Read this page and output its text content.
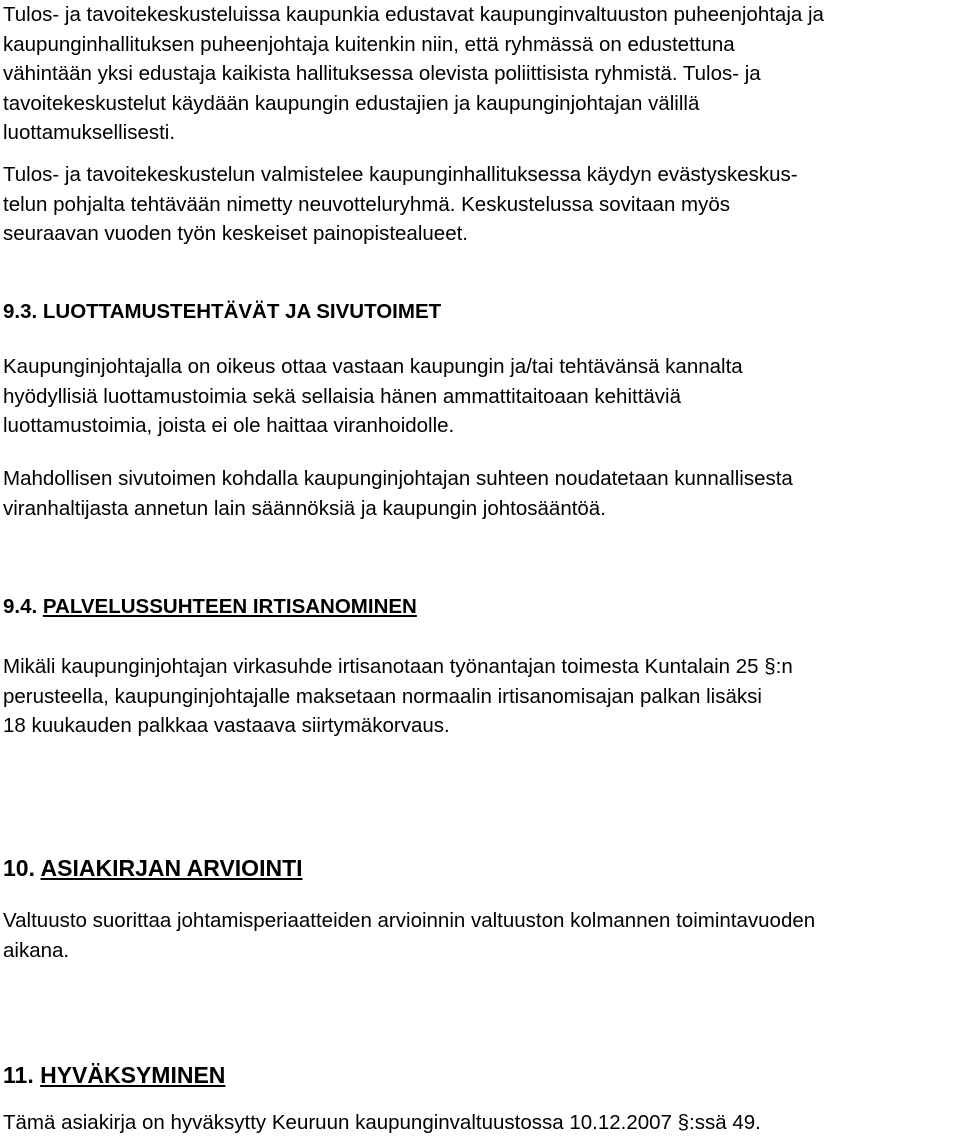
Tulos- ja tavoitekeskusteluissa kaupunkia edustavat kaupunginvaltuuston puheenjohtaja ja
kaupunginhallituksen puheenjohtaja kuitenkin niin, että ryhmässä on edustettuna
vähintään yksi edustaja kaikista hallituksessa olevista poliittisista ryhmistä. Tulos- ja
tavoitekeskustelut käydään kaupungin edustajien ja kaupunginjohtajan välillä
luottamuksellisesti.

Tulos- ja tavoitekeskustelun valmistelee kaupunginhallituksessa käydyn evästyskeskus-
telun pohjalta tehtävään nimetty neuvotteluryhmä. Keskustelussa sovitaan myös
seuraavan vuoden työn keskeiset painopistealueet.

9.3. LUOTTAMUSTEHTÄVÄT JA SIVUTOIMET

Kaupunginjohtajalla on oikeus ottaa vastaan kaupungin ja/tai tehtävänsä kannalta
hyödyllisiä luottamustoimia sekä sellaisia hänen ammattitaitoaan kehittäviä
luottamustoimia, joista ei ole haittaa viranhoidolle.

Mahdollisen sivutoimen kohdalla kaupunginjohtajan suhteen noudatetaan kunnallisesta
viranhaltijasta annetun lain säännöksiä ja kaupungin johtosääntöä.

9.4. PALVELUSSUHTEEN IRTISANOMINEN

Mikäli kaupunginjohtajan virkasuhde irtisanotaan työnantajan toimesta Kuntalain 25 §:n
perusteella, kaupunginjohtajalle maksetaan normaalin irtisanomisajan palkan lisäksi
18 kuukauden palkkaa vastaava siirtymäkorvaus.

10. ASIAKIRJAN ARVIOINTI

Valtuusto suorittaa johtamisperiaatteiden arvioinnin valtuuston kolmannen toimintavuoden
aikana.

11. HYVÄKSYMINEN

Tämä asiakirja on hyväksytty Keuruun kaupunginvaltuustossa 10.12.2007 §:ssä 49.
